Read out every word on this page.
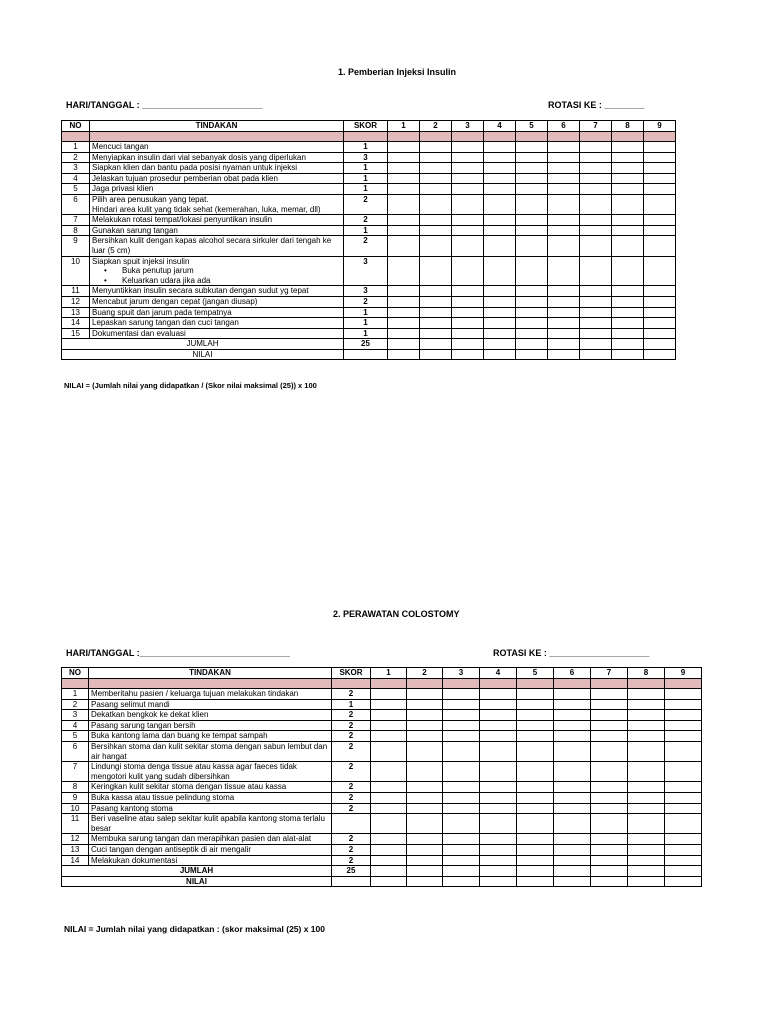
1. Pemberian Injeksi Insulin
HARI/TANGGAL : ________________________	ROTASI KE : ________
NO	TINDAKAN	SKOR	1	2	3	4	5	6	7	8	9

1	Mencuci tangan	1									
2	Menyiapkan insulin dari vial sebanyak dosis yang diperlukan	3									
3	Siapkan klien dan bantu pada posisi nyaman untuk injeksi	1									
4	Jelaskan tujuan prosedur pemberian obat pada klien	1									
5	Jaga privasi klien	1									
6	Pilih area penusukan yang tepat.
Hindari area kulit yang tidak sehat (kemerahan, luka, memar, dll)	2									
7	Melakukan rotasi tempat/lokasi penyuntikan insulin	2									
8	Gunakan sarung tangan	1									
9	Bersihkan kulit dengan kapas alcohol secara sirkuler dari tengah ke luar (5 cm)	2									
10	Siapkan spuit injeksi insulin
• Buka penutup jarum
• Keluarkan udara jika ada	3									
11	Menyuntikkan insulin secara subkutan dengan sudut yg tepat	3									
12	Mencabut jarum dengan cepat (jangan diusap)	2									
13	Buang spuit dan jarum pada tempatnya	1									
14	Lepaskan sarung tangan dan cuci tangan	1									
15	Dokumentasi dan evaluasi	1									
JUMLAH		25									
NILAI											
NILAI = (Jumlah nilai yang didapatkan / (Skor nilai maksimal (25)) x 100
2. PERAWATAN COLOSTOMY
HARI/TANGGAL :______________________________	ROTASI KE : ____________________
NO	TINDAKAN	SKOR	1	2	3	4	5	6	7	8	9

1	Memberitahu pasien / keluarga tujuan melakukan tindakan	2									
2	Pasang selimut mandi	1									
3	Dekatkan bengkok ke dekat klien	2									
4	Pasang sarung tangan bersih	2									
5	Buka kantong lama dan buang ke tempat sampah	2									
6	Bersihkan stoma dan kulit sekitar stoma dengan sabun lembut dan air hangat	2									
7	Lindungi stoma denga tissue atau kassa agar faeces tidak mengotori kulit yang sudah dibersihkan	2									
8	Keringkan kulit sekitar stoma dengan tissue atau kassa	2									
9	Buka kassa atau tissue pelindung stoma	2									
10	Pasang kantong stoma	2									
11	Beri vaseline atau salep sekitar kulit apabila kantong stoma terlalu besar										
12	Membuka sarung tangan dan merapihkan pasien dan alat-alat	2									
13	Cuci tangan dengan antiseptik di air mengalir	2									
14	Melakukan dokumentasi	2									
JUMLAH		25									
NILAI											
NILAI = Jumlah nilai yang didapatkan : (skor maksimal (25) x 100
